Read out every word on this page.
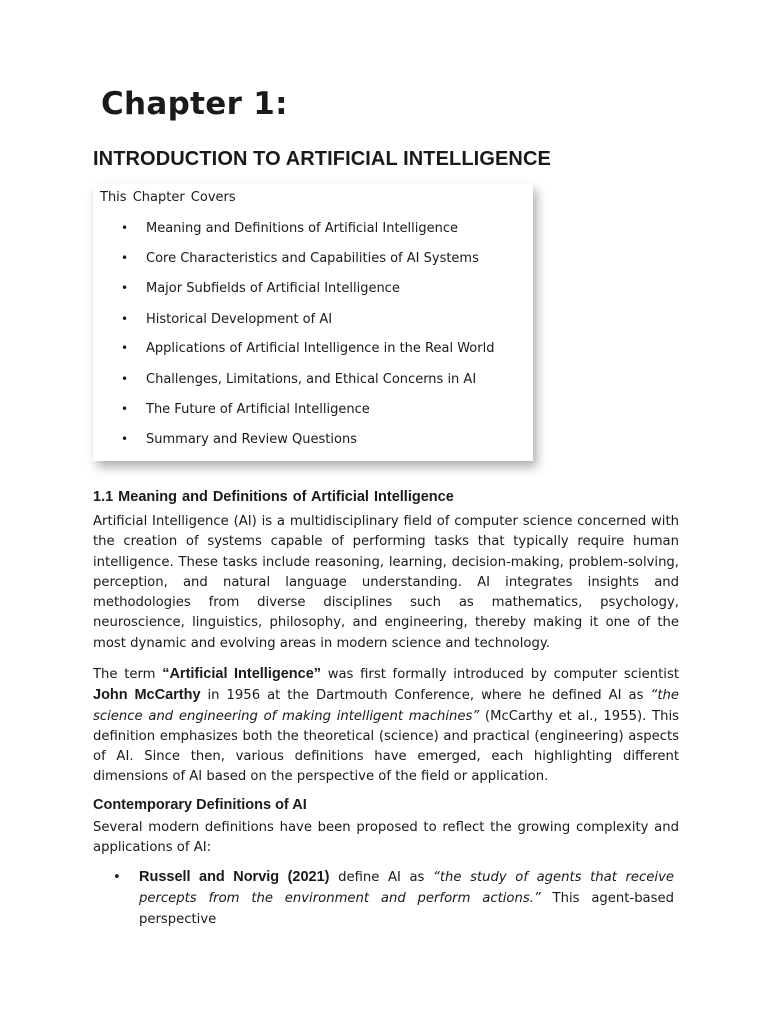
Chapter 1:
INTRODUCTION TO ARTIFICIAL INTELLIGENCE
This Chapter Covers
• Meaning and Definitions of Artificial Intelligence
• Core Characteristics and Capabilities of AI Systems
• Major Subfields of Artificial Intelligence
• Historical Development of AI
• Applications of Artificial Intelligence in the Real World
• Challenges, Limitations, and Ethical Concerns in AI
• The Future of Artificial Intelligence
• Summary and Review Questions
1.1 Meaning and Definitions of Artificial Intelligence

Artificial Intelligence (AI) is a multidisciplinary field of computer science concerned with the creation of systems capable of performing tasks that typically require human intelligence. These tasks include reasoning, learning, decision-making, problem-solving, perception, and natural language understanding. AI integrates insights and methodologies from diverse disciplines such as mathematics, psychology, neuroscience, linguistics, philosophy, and engineering, thereby making it one of the most dynamic and evolving areas in modern science and technology.

The term “Artificial Intelligence” was first formally introduced by computer scientist John McCarthy in 1956 at the Dartmouth Conference, where he defined AI as “the science and engineering of making intelligent machines” (McCarthy et al., 1955). This definition emphasizes both the theoretical (science) and practical (engineering) aspects of AI. Since then, various definitions have emerged, each highlighting different dimensions of AI based on the perspective of the field or application.

Contemporary Definitions of AI

Several modern definitions have been proposed to reflect the growing complexity and applications of AI:

• Russell and Norvig (2021) define AI as “the study of agents that receive percepts from the environment and perform actions.” This agent-based perspective
